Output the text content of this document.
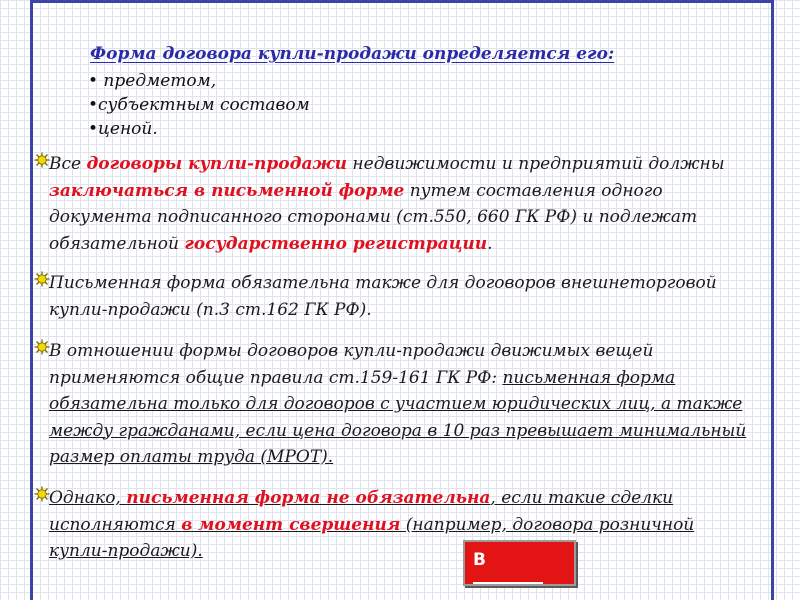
Форма договора купли-продажи определяется его:
• предметом,
•субъектным составом
•ценой.

Все договоры купли-продажи недвижимости и предприятий должны заключаться в письменной форме путем составления одного документа подписанного сторонами (ст.550, 660 ГК РФ) и подлежат обязательной государственно регистрации.

Письменная форма обязательна также для договоров внешнеторговой купли-продажи (п.3 ст.162 ГК РФ).

В отношении формы договоров купли-продажи движимых вещей применяются общие правила ст.159-161 ГК РФ: письменная форма обязательна только для договоров с участием юридических лиц, а также между гражданами, если цена договора в 10 раз превышает минимальный размер оплаты труда (МРОТ).

Однако, письменная форма не обязательна, если такие сделки исполняются в момент свершения (например, договора розничной купли-продажи).	В
